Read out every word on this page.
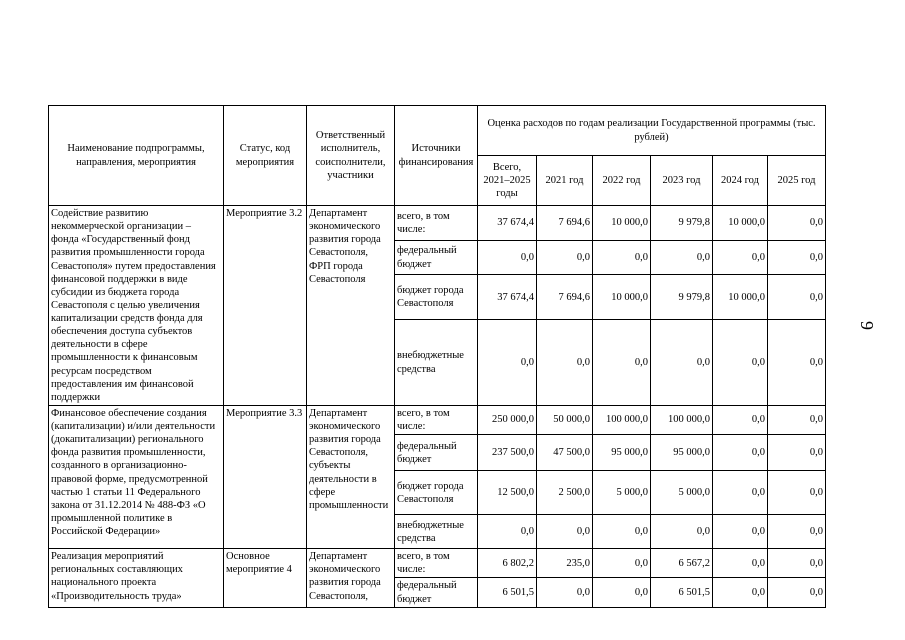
Наименование подпрограммы, направления, мероприятия	Статус, код мероприятия	Ответственный исполнитель, соисполнители, участники	Источники финансирования	Оценка расходов по годам реализации Государственной программы (тыс. рублей)					
				Всего, 2021–2025 годы	2021 год	2022 год	2023 год	2024 год	2025 год
Содействие развитию некоммерческой организации – фонда «Государственный фонд развития промышленности города Севастополя» путем предоставления финансовой поддержки в виде субсидии из бюджета города Севастополя с целью увеличения капитализации средств фонда для обеспечения доступа субъектов деятельности в сфере промышленности к финансовым ресурсам посредством предоставления им финансовой поддержки	Мероприятие 3.2	Департамент экономического развития города Севастополя, ФРП города Севастополя	всего, в том числе:	37 674,4	7 694,6	10 000,0	9 979,8	10 000,0	0,0
			федеральный бюджет	0,0	0,0	0,0	0,0	0,0	0,0
			бюджет города Севастополя	37 674,4	7 694,6	10 000,0	9 979,8	10 000,0	0,0
			внебюджетные средства	0,0	0,0	0,0	0,0	0,0	0,0
Финансовое обеспечение создания (капитализации) и/или деятельности (докапитализации) регионального фонда развития промышленности, созданного в организационно-правовой форме, предусмотренной частью 1 статьи 11 Федерального закона от 31.12.2014 № 488-ФЗ «О промышленной политике в Российской Федерации»	Мероприятие 3.3	Департамент экономического развития города Севастополя, субъекты деятельности в сфере промышленности	всего, в том числе:	250 000,0	50 000,0	100 000,0	100 000,0	0,0	0,0
			федеральный бюджет	237 500,0	47 500,0	95 000,0	95 000,0	0,0	0,0
			бюджет города Севастополя	12 500,0	2 500,0	5 000,0	5 000,0	0,0	0,0
			внебюджетные средства	0,0	0,0	0,0	0,0	0,0	0,0
Реализация мероприятий региональных составляющих национального проекта «Производительность труда»	Основное мероприятие 4	Департамент экономического развития города Севастополя,	всего, в том числе:	6 802,2	235,0	0,0	6 567,2	0,0	0,0
			федеральный бюджет	6 501,5	0,0	0,0	6 501,5	0,0	0,0
9
